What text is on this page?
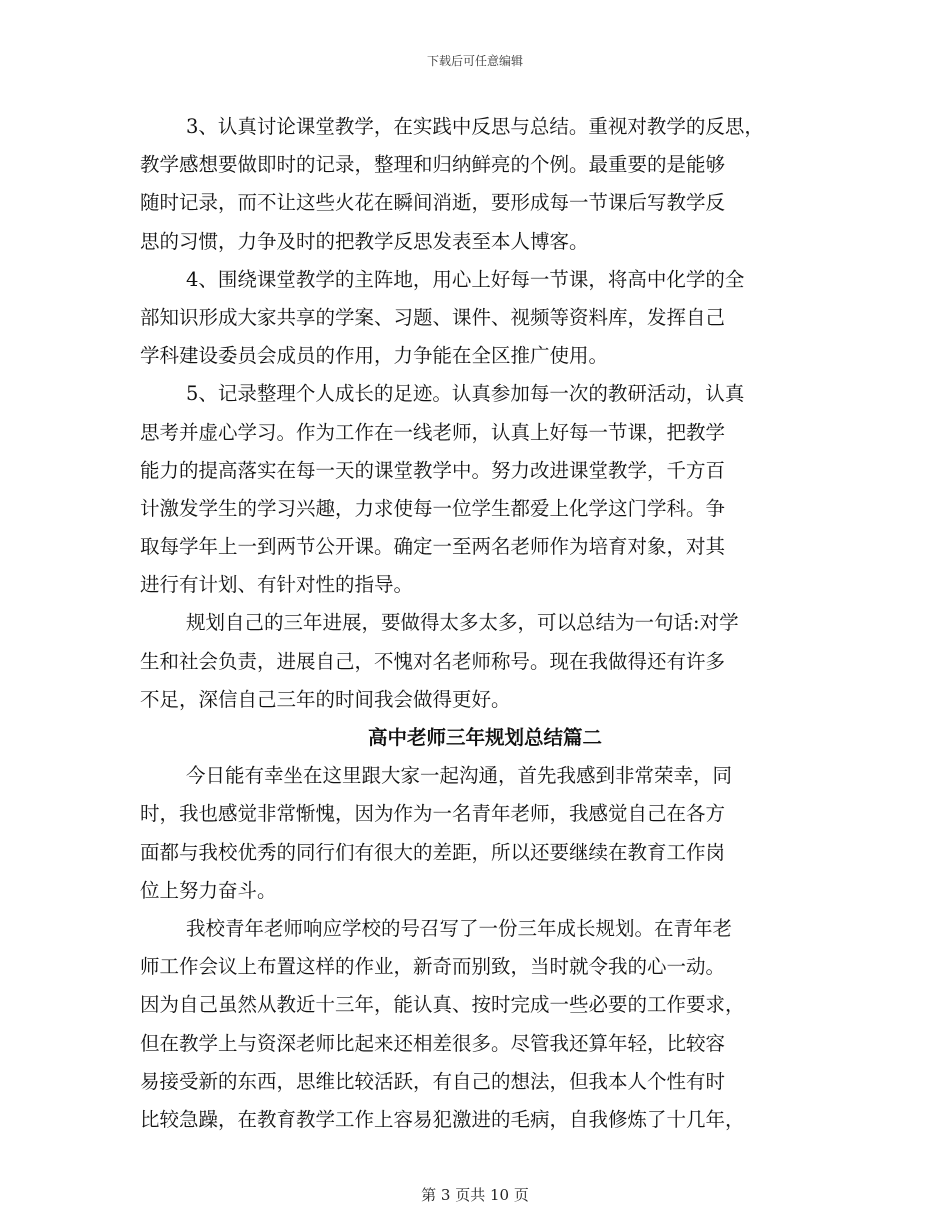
下载后可任意编辑
3、认真讨论课堂教学，在实践中反思与总结。重视对教学的反思，
教学感想要做即时的记录，整理和归纳鲜亮的个例。最重要的是能够
随时记录，而不让这些火花在瞬间消逝，要形成每一节课后写教学反
思的习惯，力争及时的把教学反思发表至本人博客。
4、围绕课堂教学的主阵地，用心上好每一节课，将高中化学的全
部知识形成大家共享的学案、习题、课件、视频等资料库，发挥自己
学科建设委员会成员的作用，力争能在全区推广使用。
5、记录整理个人成长的足迹。认真参加每一次的教研活动，认真
思考并虚心学习。作为工作在一线老师，认真上好每一节课，把教学
能力的提高落实在每一天的课堂教学中。努力改进课堂教学，千方百
计激发学生的学习兴趣，力求使每一位学生都爱上化学这门学科。争
取每学年上一到两节公开课。确定一至两名老师作为培育对象，对其
进行有计划、有针对性的指导。
规划自己的三年进展，要做得太多太多，可以总结为一句话:对学
生和社会负责，进展自己，不愧对名老师称号。现在我做得还有许多
不足，深信自己三年的时间我会做得更好。
高中老师三年规划总结篇二
今日能有幸坐在这里跟大家一起沟通，首先我感到非常荣幸，同
时，我也感觉非常惭愧，因为作为一名青年老师，我感觉自己在各方
面都与我校优秀的同行们有很大的差距，所以还要继续在教育工作岗
位上努力奋斗。
我校青年老师响应学校的号召写了一份三年成长规划。在青年老
师工作会议上布置这样的作业，新奇而别致，当时就令我的心一动。
因为自己虽然从教近十三年，能认真、按时完成一些必要的工作要求，
但在教学上与资深老师比起来还相差很多。尽管我还算年轻，比较容
易接受新的东西，思维比较活跃，有自己的想法，但我本人个性有时
比较急躁，在教育教学工作上容易犯激进的毛病，自我修炼了十几年，
第 3 页共 10 页
